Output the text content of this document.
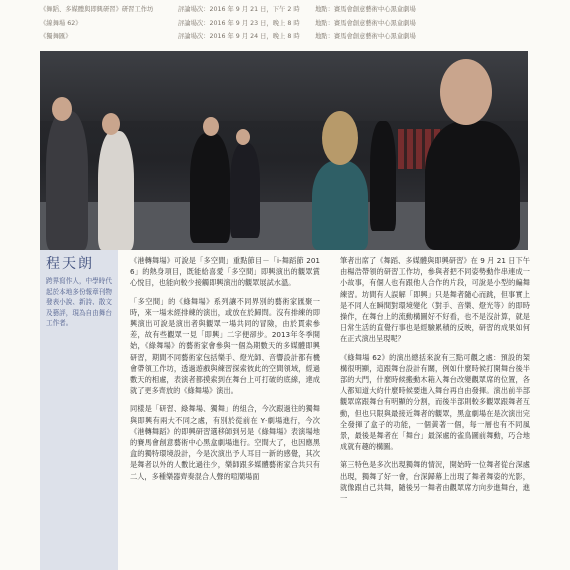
《舞蹈、多媒體與即興研習》研習工作坊	評論場次：2016 年 9 月 21 日，下午 2 時 地點：賽馬會創意藝術中心黑盒劇場
《線舞場 62》	評論場次：2016 年 9 月 23 日，晚上 8 時 地點：賽馬會創意藝術中心黑盒劇場
《獨舞匯》	評論場次：2016 年 9 月 24 日，晚上 8 時 地點：賽馬會創意藝術中心黑盒劇場
程天朗
跨界寫作人，中學時代起於本地多份報章刊物發表小說、新詩、散文及藝評，現為自由舞台工作者。

《港轉舞場》可說是「多空間」重點節目－「i-舞蹈節 2016」的熱身項目，既能給喜愛「多空間」即興演出的觀眾賞心悅目，也能向較少接觸即興演出的觀眾展試水溫。

「多空間」的《綠舞場》系列讓不同界別的藝術家匯聚一時，來一場未經排練的演出，或放在於歸問。沒有排練的即興演出可說是演出者與觀眾一場共同的冒險，由於貫索參差，故有些觀眾一見「即興」二字便卻步。2013年冬季開始，《綠舞場》的藝術家會參與一個為期數天的多媒體即興研習，期間不同藝術家包括樂手、燈光師、音響設計都有機會帶領工作坊，透過遊戲與練習探索彼此的空間領域，經過數天的相處，表演者都摸索到在舞台上可打破的底線，達成就了更多齊放的《綠舞場》演出。

同樣是「研習、綠舞場、獨舞」的組合，今次跟過往的獨舞與即興有兩大不同之處，有別於從前在 Y‧劇場進行，今次《港轉舞蹈》的即興研習選移師到另是《綠舞場》表演場地的賽馬會創意藝術中心黑盒劇場進行。空間大了，也因應黑盒的獨特環境設計，今是次演出予人耳目一新的感覺，其次是舞者以外的人數比過往少，樂師跟多媒體藝術家合共只有二人，多種樂器齊奏混合人聲的喧鬧場面

筆者出席了《舞蹈、多媒體與即興研習》在 9 月 21 日下午由楊浩帶領的研習工作坊，參與者把不同姿勢動作串連成一小故事，有個人也有跟他人合作的片段，可說是小型的編舞練習。坊間有人誤解「即興」只是舞者隨心而跳，但事實上是不同人在瞬間對環境變化（對手、音樂、燈光等）的即時操作，在舞台上的流動構圖好不好看，也不是沒計算，就是日常生活的直覺行事也是經驗累積的反映，研習的成果如何在正式演出呈現呢？

《綠舞場 62》的演出總括來說有三點可觀之處：預設的架構很明顯，這跟舞台設計有關，例如什麼時候打開舞台後半部的大門，什麼時候搬動木箱入舞台改變觀眾席的位置，各人都知道大約什麼時候要進入舞台再自由發揮。演出前半部觀眾席跟舞台有明顯的分割，而後半部則較多觀眾跟舞者互動，但也只限與最接近舞者的觀眾，黑盒劇場在是次演出完全發揮了盒子的功能，一個黃著一個，每一層也有不同風景，最後是舞者在「舞台」最深處的雀鳥圖前舞動，巧合地成就有趣的構圖。

第三特色是多次出現獨舞的情況，開始時一位舞者從台深處出現，獨舞了好一會，台深歸幕上出現了舞者舞姿的光影，就像跟自己共舞，隨後另一舞者由觀眾席方向步進舞台，進一
